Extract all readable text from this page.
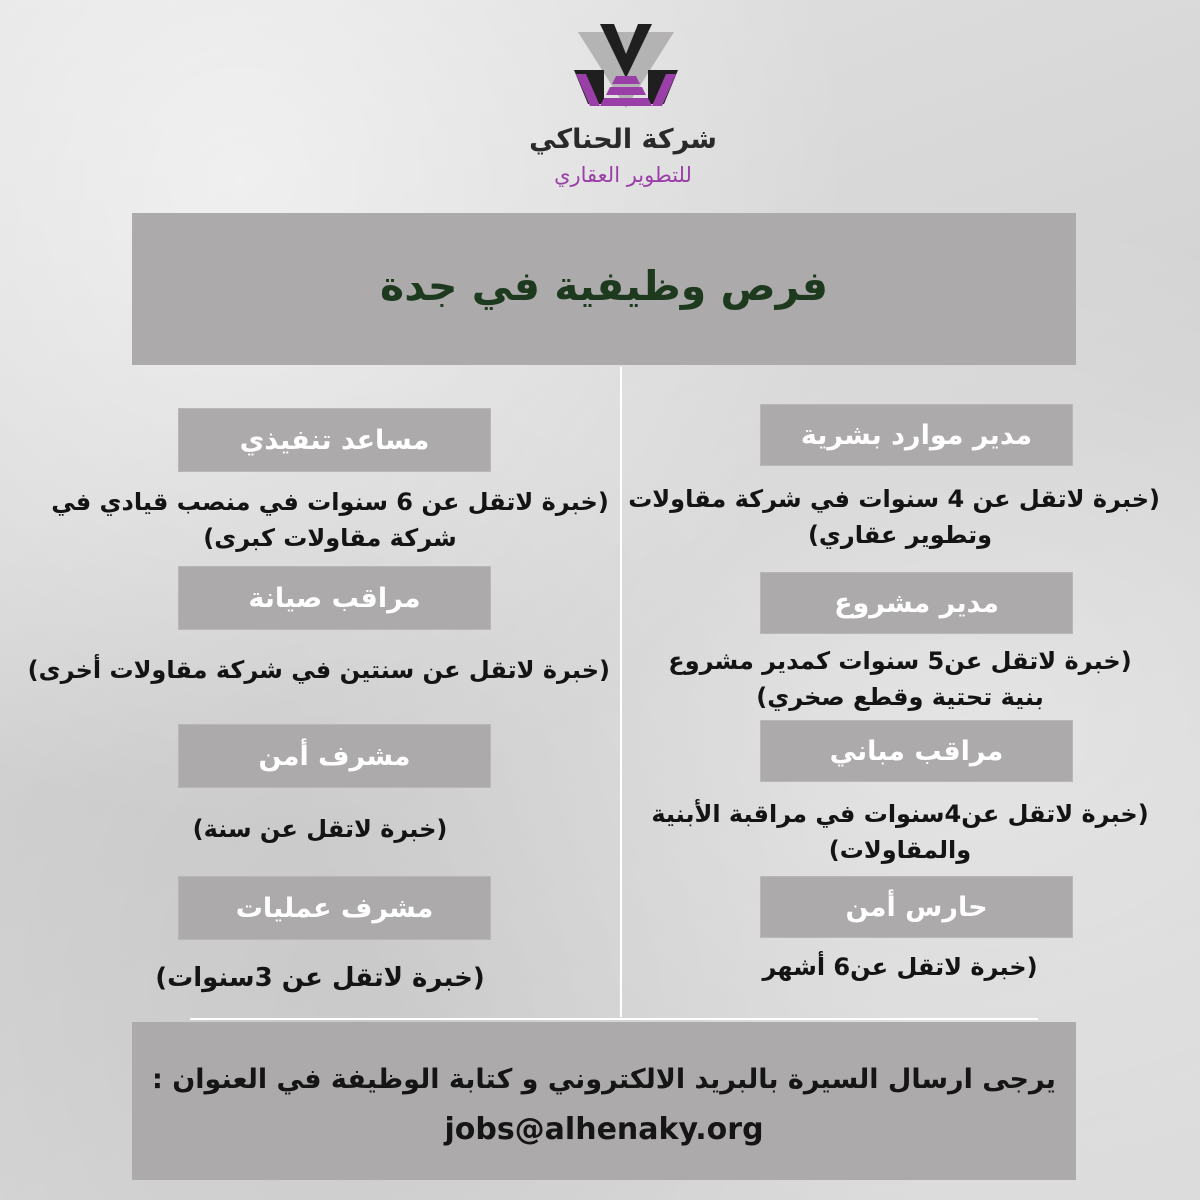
شركة الحناكي
للتطوير العقاري
فرص وظيفية في جدة
مدير موارد بشرية
(خبرة لاتقل عن 4 سنوات في شركة مقاولات
وتطوير عقاري)
مدير مشروع
(خبرة لاتقل عن5 سنوات كمدير مشروع
بنية تحتية وقطع صخري)
مراقب مباني
(خبرة لاتقل عن4سنوات في مراقبة الأبنية
والمقاولات)
حارس أمن
(خبرة لاتقل عن6 أشهر
مساعد تنفيذي
(خبرة لاتقل عن 6 سنوات في منصب قيادي في
شركة مقاولات كبرى)
مراقب صيانة
(خبرة لاتقل عن سنتين في شركة مقاولات أخرى)
مشرف أمن
(خبرة لاتقل عن سنة)
مشرف عمليات
(خبرة لاتقل عن 3سنوات)
يرجى ارسال السيرة بالبريد الالكتروني و كتابة الوظيفة في العنوان :
jobs@alhenaky.org
